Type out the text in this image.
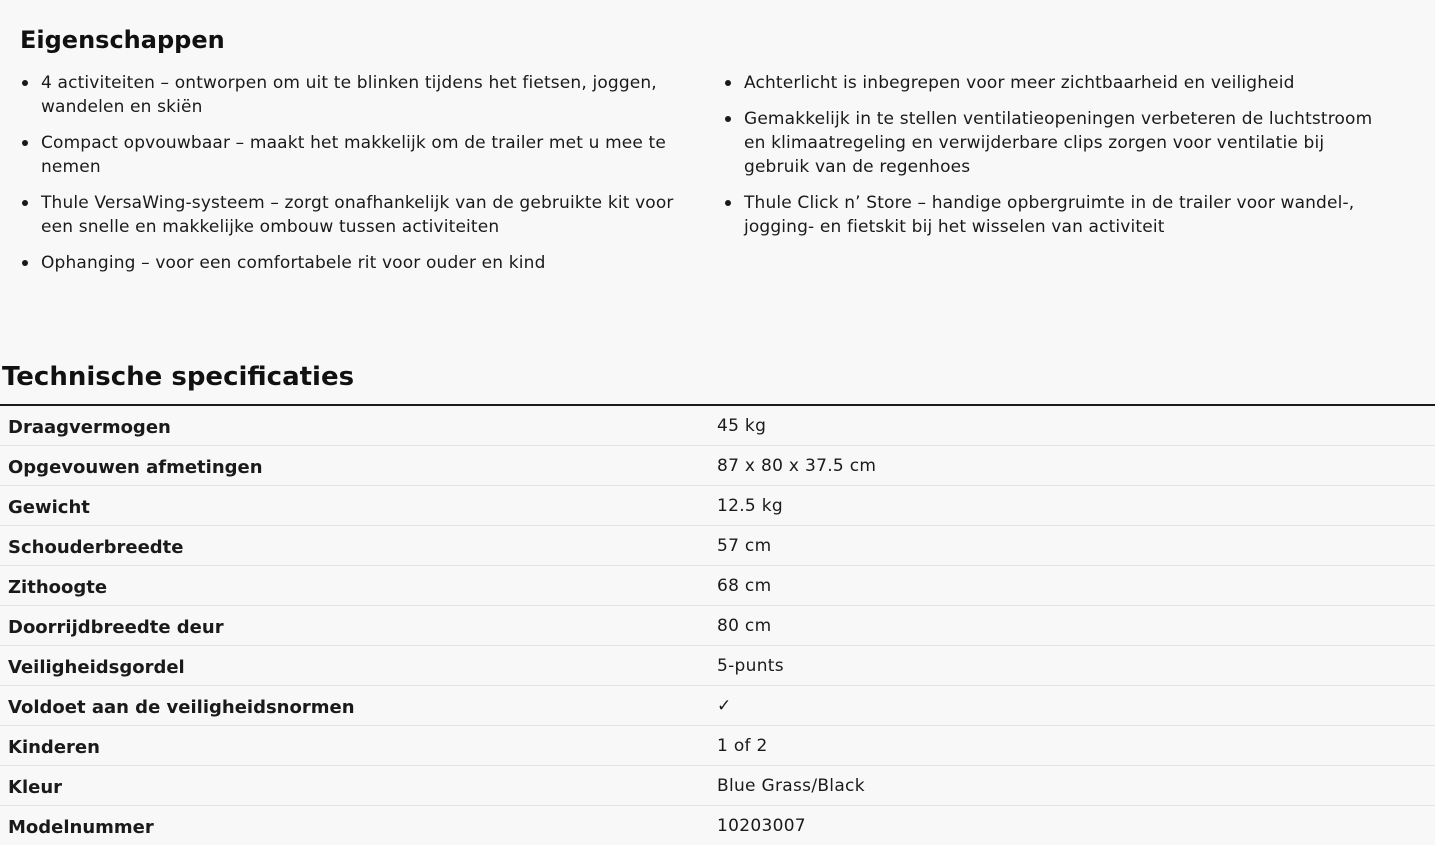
Eigenschappen
4 activiteiten – ontworpen om uit te blinken tijdens het fietsen, joggen, wandelen en skiën
Compact opvouwbaar – maakt het makkelijk om de trailer met u mee te nemen
Thule VersaWing-systeem – zorgt onafhankelijk van de gebruikte kit voor een snelle en makkelijke ombouw tussen activiteiten
Ophanging – voor een comfortabele rit voor ouder en kind
Achterlicht is inbegrepen voor meer zichtbaarheid en veiligheid
Gemakkelijk in te stellen ventilatieopeningen verbeteren de luchtstroom en klimaatregeling en verwijderbare clips zorgen voor ventilatie bij gebruik van de regenhoes
Thule Click n’ Store – handige opbergruimte in de trailer voor wandel-, jogging- en fietskit bij het wisselen van activiteit
Technische specificaties
Draagvermogen	45 kg
Opgevouwen afmetingen	87 x 80 x 37.5 cm
Gewicht	12.5 kg
Schouderbreedte	57 cm
Zithoogte	68 cm
Doorrijdbreedte deur	80 cm
Veiligheidsgordel	5-punts
Voldoet aan de veiligheidsnormen	✓
Kinderen	1 of 2
Kleur	Blue Grass/Black
Modelnummer	10203007
